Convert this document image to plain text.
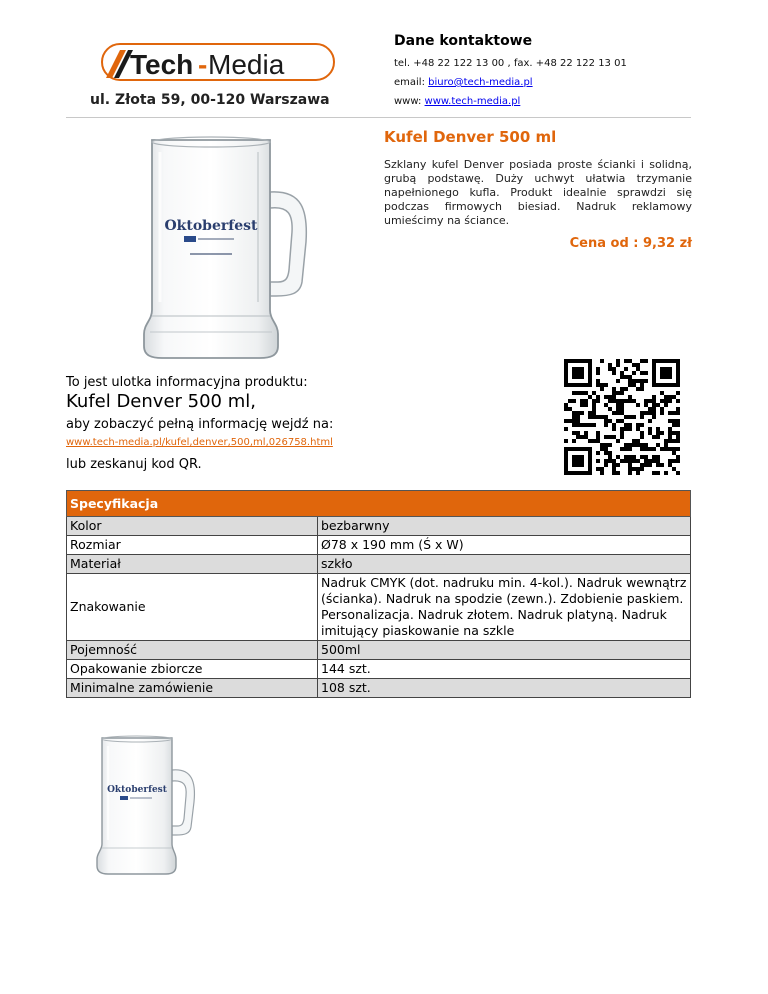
Tech - Media
ul. Złota 59, 00-120 Warszawa
Dane kontaktowe
tel. +48 22 122 13 00 , fax. +48 22 122 13 01
email: biuro@tech-media.pl
www: www.tech-media.pl
Oktoberfest
Kufel Denver 500 ml
Szklany kufel Denver posiada proste ścianki i solidną, grubą podstawę. Duży uchwyt ułatwia trzymanie napełnionego kufla. Produkt idealnie sprawdzi się podczas firmowych biesiad. Nadruk reklamowy umieścimy na ściance.
Cena od : 9,32 zł
To jest ulotka informacyjna produktu:
Kufel Denver 500 ml,
aby zobaczyć pełną informację wejdź na:
www.tech-media.pl/kufel,denver,500,ml,026758.html
lub zeskanuj kod QR.
Specyfikacja	
Kolor	bezbarwny
Rozmiar	Ø78 x 190 mm (Ś x W)
Materiał	szkło
Znakowanie	Nadruk CMYK (dot. nadruku min. 4-kol.). Nadruk wewnątrz (ścianka). Nadruk na spodzie (zewn.). Zdobienie paskiem. Personalizacja. Nadruk złotem. Nadruk platyną. Nadruk imitujący piaskowanie na szkle
Pojemność	500ml
Opakowanie zbiorcze	144 szt.
Minimalne zamówienie	108 szt.
Oktoberfest
